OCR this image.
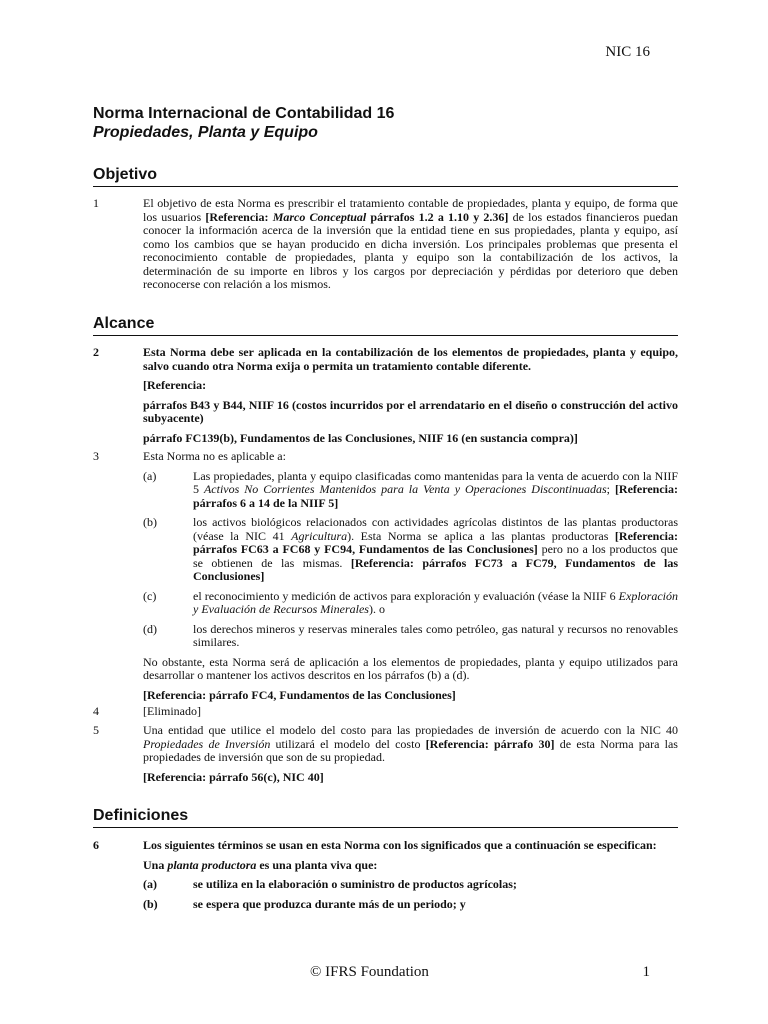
NIC 16
Norma Internacional de Contabilidad 16
Propiedades, Planta y Equipo
Objetivo
1	El objetivo de esta Norma es prescribir el tratamiento contable de propiedades, planta y equipo, de forma que los usuarios [Referencia: Marco Conceptual párrafos 1.2 a 1.10 y 2.36] de los estados financieros puedan conocer la información acerca de la inversión que la entidad tiene en sus propiedades, planta y equipo, así como los cambios que se hayan producido en dicha inversión. Los principales problemas que presenta el reconocimiento contable de propiedades, planta y equipo son la contabilización de los activos, la determinación de su importe en libros y los cargos por depreciación y pérdidas por deterioro que deben reconocerse con relación a los mismos.
Alcance
2	Esta Norma debe ser aplicada en la contabilización de los elementos de propiedades, planta y equipo, salvo cuando otra Norma exija o permita un tratamiento contable diferente.
[Referencia:
párrafos B43 y B44, NIIF 16 (costos incurridos por el arrendatario en el diseño o construcción del activo subyacente)
párrafo FC139(b), Fundamentos de las Conclusiones, NIIF 16 (en sustancia compra)]
3	Esta Norma no es aplicable a:
(a)	Las propiedades, planta y equipo clasificadas como mantenidas para la venta de acuerdo con la NIIF 5 Activos No Corrientes Mantenidos para la Venta y Operaciones Discontinuadas; [Referencia: párrafos 6 a 14 de la NIIF 5]
(b)	los activos biológicos relacionados con actividades agrícolas distintos de las plantas productoras (véase la NIC 41 Agricultura). Esta Norma se aplica a las plantas productoras [Referencia: párrafos FC63 a FC68 y FC94, Fundamentos de las Conclusiones] pero no a los productos que se obtienen de las mismas. [Referencia: párrafos FC73 a FC79, Fundamentos de las Conclusiones]
(c)	el reconocimiento y medición de activos para exploración y evaluación (véase la NIIF 6 Exploración y Evaluación de Recursos Minerales). o
(d)	los derechos mineros y reservas minerales tales como petróleo, gas natural y recursos no renovables similares.
No obstante, esta Norma será de aplicación a los elementos de propiedades, planta y equipo utilizados para desarrollar o mantener los activos descritos en los párrafos (b) a (d).
[Referencia: párrafo FC4, Fundamentos de las Conclusiones]
4	[Eliminado]
5	Una entidad que utilice el modelo del costo para las propiedades de inversión de acuerdo con la NIC 40 Propiedades de Inversión utilizará el modelo del costo [Referencia: párrafo 30] de esta Norma para las propiedades de inversión que son de su propiedad.
[Referencia: párrafo 56(c), NIC 40]
Definiciones
6	Los siguientes términos se usan en esta Norma con los significados que a continuación se especifican:
Una planta productora es una planta viva que:
(a)	se utiliza en la elaboración o suministro de productos agrícolas;
(b)	se espera que produzca durante más de un periodo; y
© IFRS Foundation	1
